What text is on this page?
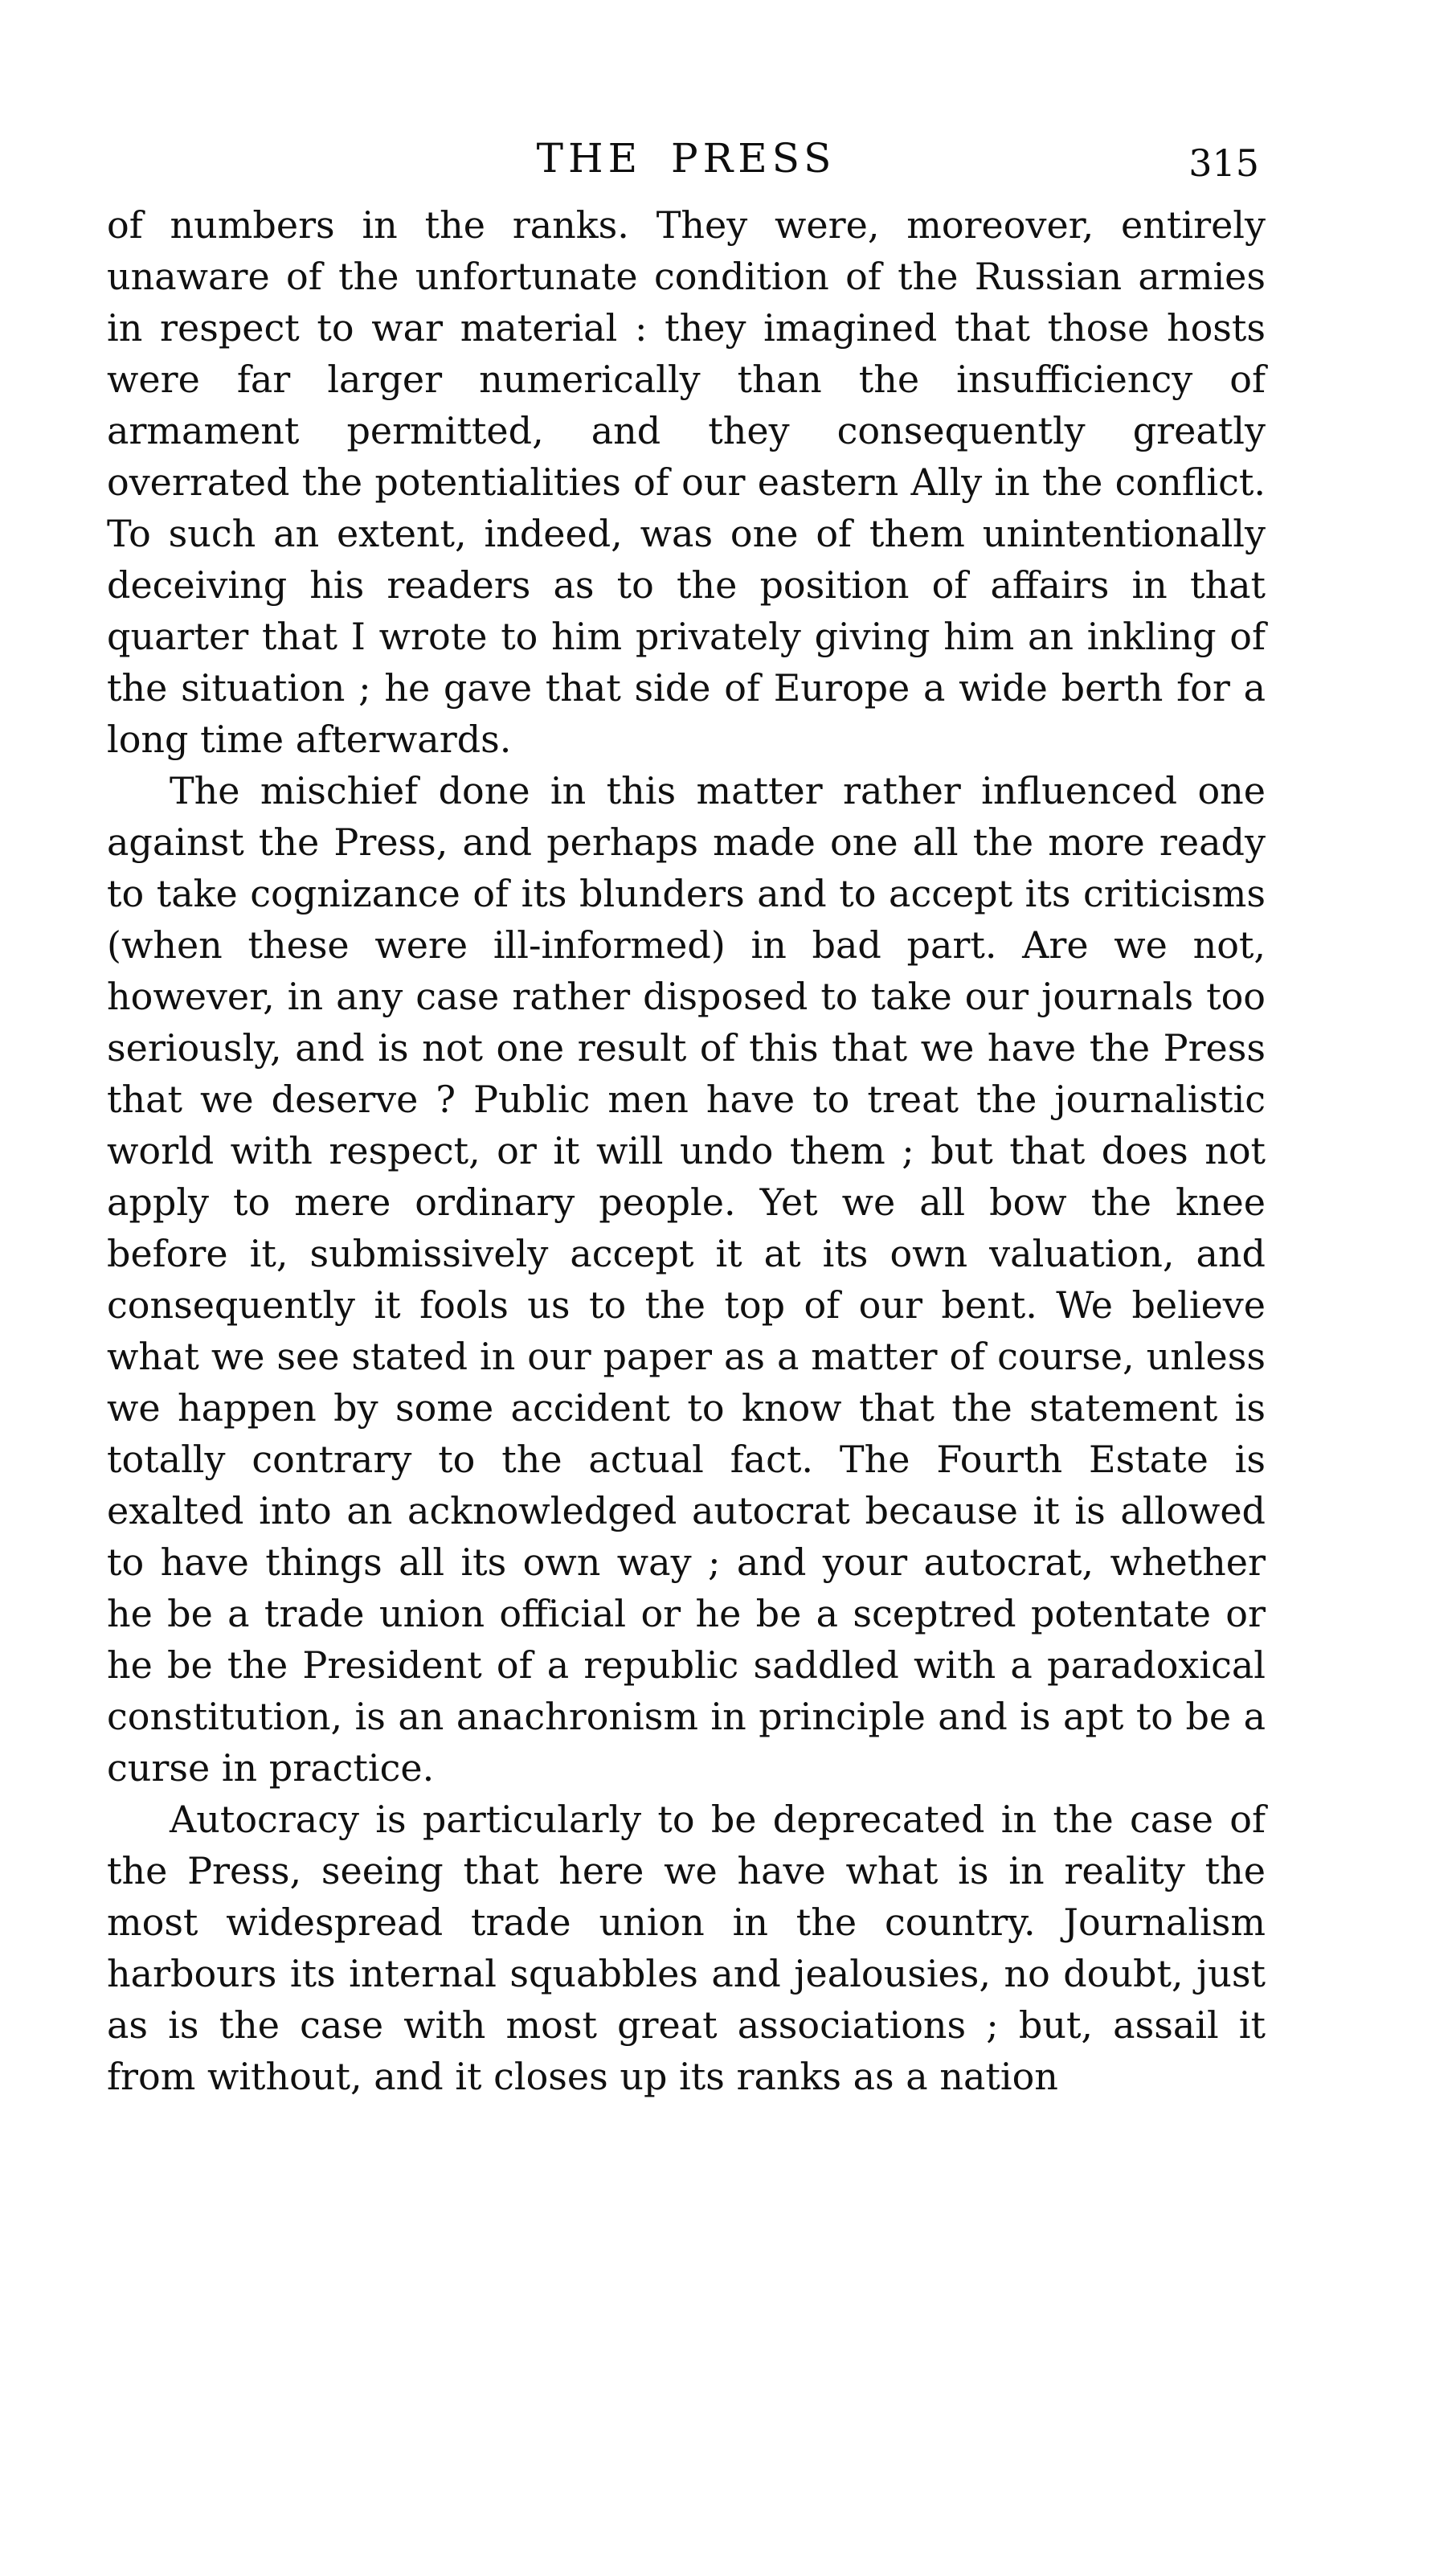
THE PRESS	315

of numbers in the ranks. They were, moreover, entirely unaware of the unfortunate condition of the Russian armies in respect to war material : they imagined that those hosts were far larger numerically than the insufficiency of armament permitted, and they consequently greatly overrated the potentialities of our eastern Ally in the conflict. To such an extent, indeed, was one of them unintentionally deceiving his readers as to the position of affairs in that quarter that I wrote to him privately giving him an inkling of the situation ; he gave that side of Europe a wide berth for a long time afterwards.

The mischief done in this matter rather influenced one against the Press, and perhaps made one all the more ready to take cognizance of its blunders and to accept its criticisms (when these were ill-informed) in bad part. Are we not, however, in any case rather disposed to take our journals too seriously, and is not one result of this that we have the Press that we deserve ? Public men have to treat the journalistic world with respect, or it will undo them ; but that does not apply to mere ordinary people. Yet we all bow the knee before it, submissively accept it at its own valuation, and consequently it fools us to the top of our bent. We believe what we see stated in our paper as a matter of course, unless we happen by some accident to know that the statement is totally contrary to the actual fact. The Fourth Estate is exalted into an acknowledged autocrat because it is allowed to have things all its own way ; and your autocrat, whether he be a trade union official or he be a sceptred potentate or he be the President of a republic saddled with a paradoxical constitution, is an anachronism in principle and is apt to be a curse in practice.

Autocracy is particularly to be deprecated in the case of the Press, seeing that here we have what is in reality the most widespread trade union in the country. Journalism harbours its internal squabbles and jealousies, no doubt, just as is the case with most great associations ; but, assail it from without, and it closes up its ranks as a nation
